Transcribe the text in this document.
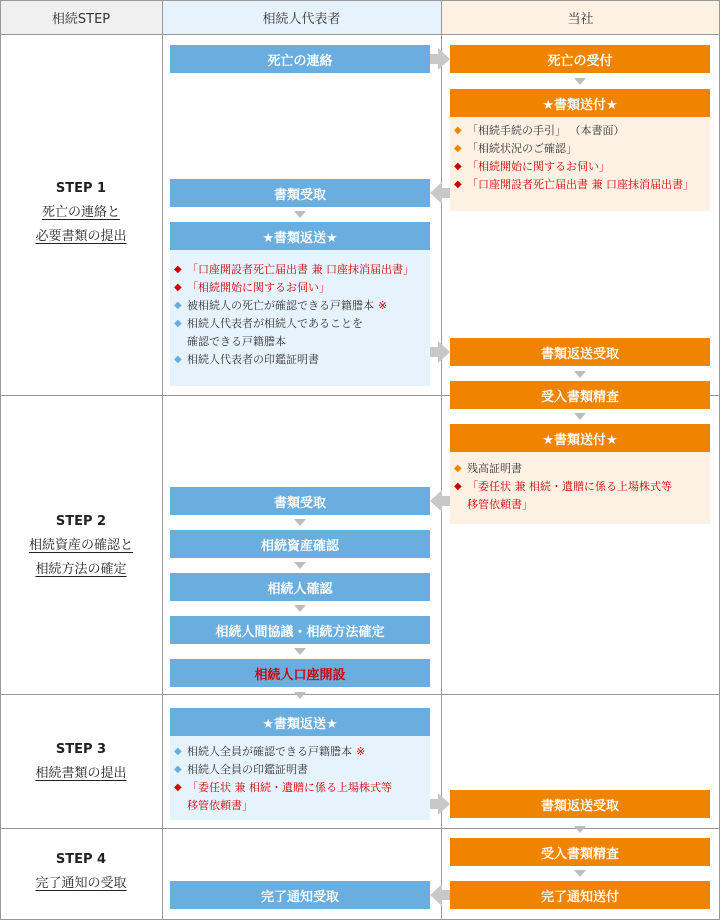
相続STEP	相続人代表者	当社
STEP 1
死亡の連絡と
必要書類の提出
STEP 2
相続資産の確認と
相続方法の確定
STEP 3
相続書類の提出
STEP 4
完了通知の受取
死亡の連絡
書類受取
★書類返送★
◆ 「口座開設者死亡届出書 兼 口座抹消届出書」
◆ 「相続開始に関するお伺い」
◆ 被相続人の死亡が確認できる戸籍謄本 ※
◆ 相続人代表者が相続人であることを
確認できる戸籍謄本
◆ 相続人代表者の印鑑証明書
書類受取
相続資産確認
相続人確認
相続人間協議・相続方法確定
相続人口座開設
★書類返送★
◆ 相続人全員が確認できる戸籍謄本 ※
◆ 相続人全員の印鑑証明書
◆ 「委任状 兼 相続・遺贈に係る上場株式等
移管依頼書」
完了通知受取
死亡の受付
★書類送付★
◆ 「相続手続の手引」 （本書面）
◆ 「相続状況のご確認」
◆ 「相続開始に関するお伺い」
◆ 「口座開設者死亡届出書 兼 口座抹消届出書」
書類返送受取
受入書類精査
★書類送付★
◆ 残高証明書
◆ 「委任状 兼 相続・遺贈に係る上場株式等
移管依頼書」
書類返送受取
受入書類精査
完了通知送付
